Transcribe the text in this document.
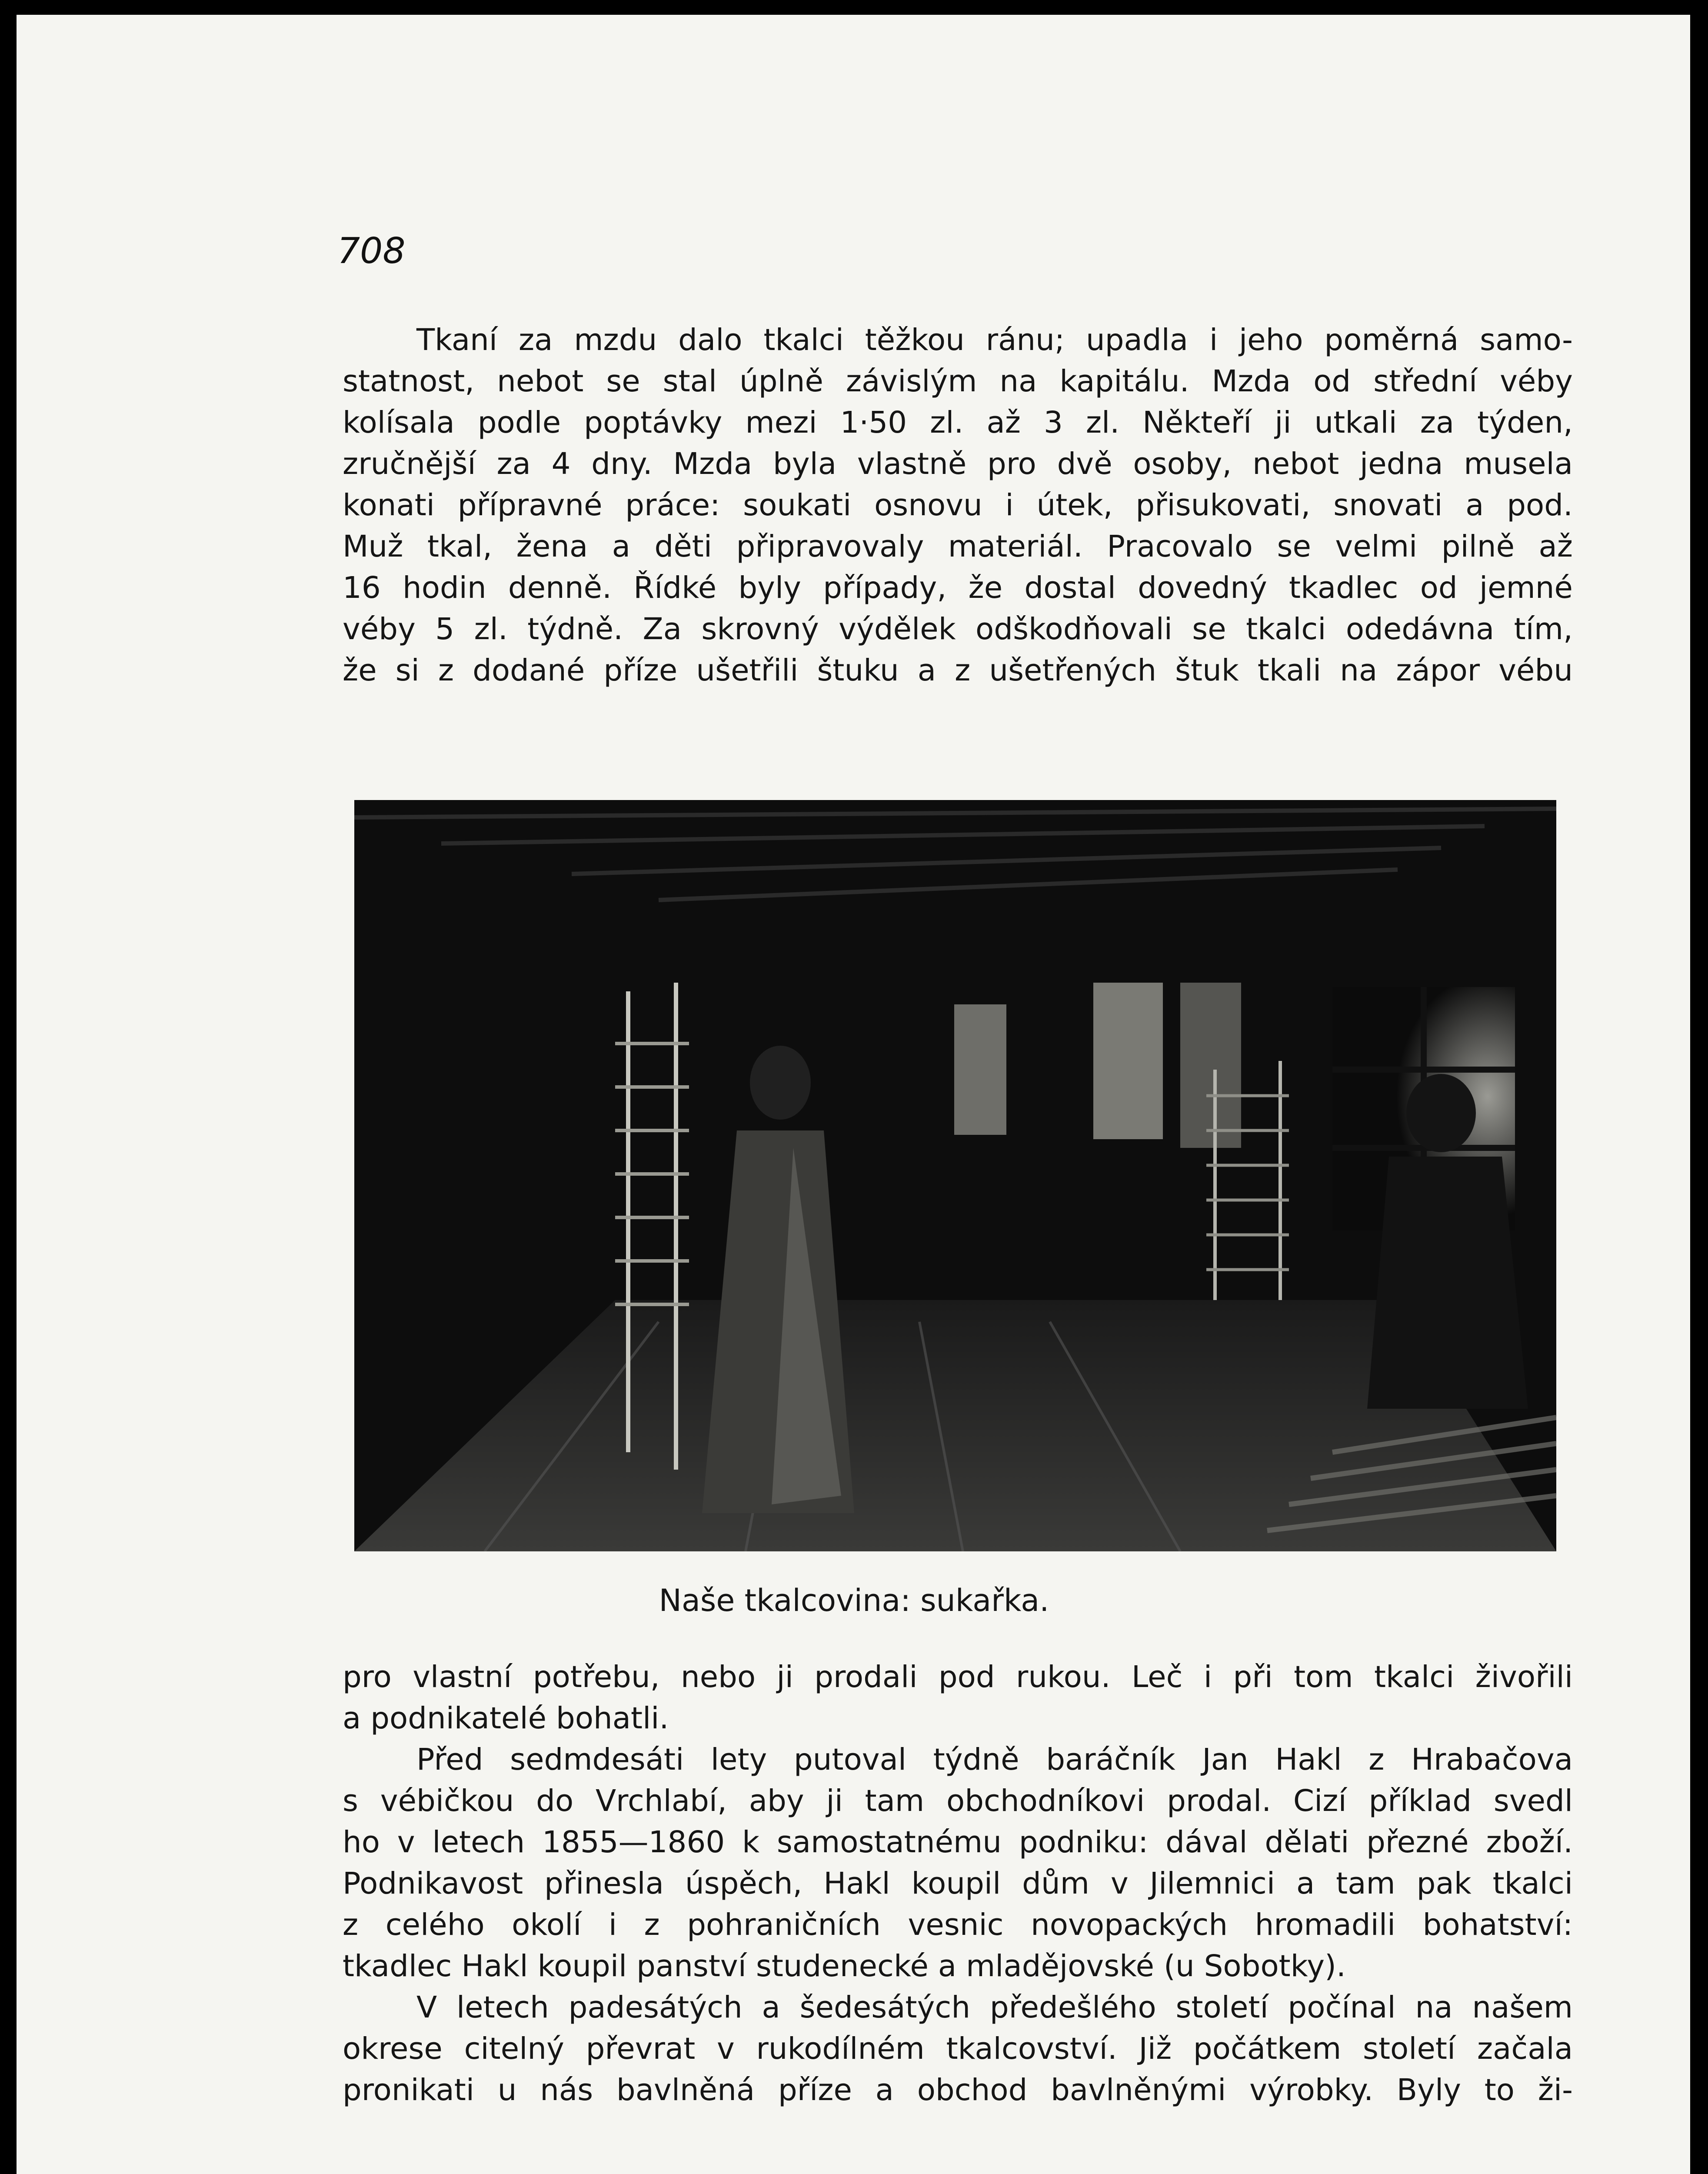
708
Tkaní za mzdu dalo tkalci těžkou ránu; upadla i jeho poměrná samo-
statnost, nebot se stal úplně závislým na kapitálu. Mzda od střední véby
kolísala podle poptávky mezi 1·50 zl. až 3 zl. Někteří ji utkali za týden,
zručnější za 4 dny. Mzda byla vlastně pro dvě osoby, nebot jedna musela
konati přípravné práce: soukati osnovu i útek, přisukovati, snovati a pod.
Muž tkal, žena a děti připravovaly materiál. Pracovalo se velmi pilně až
16 hodin denně. Řídké byly případy, že dostal dovedný tkadlec od jemné
véby 5 zl. týdně. Za skrovný výdělek odškodňovali se tkalci odedávna tím,
že si z dodané příze ušetřili štuku a z ušetřených štuk tkali na zápor vébu
Naše tkalcovina: sukařka.
pro vlastní potřebu, nebo ji prodali pod rukou. Leč i při tom tkalci živořili
a podnikatelé bohatli.
Před sedmdesáti lety putoval týdně baráčník Jan Hakl z Hrabačova
s vébičkou do Vrchlabí, aby ji tam obchodníkovi prodal. Cizí příklad svedl
ho v letech 1855—1860 k samostatnému podniku: dával dělati přezné zboží.
Podnikavost přinesla úspěch, Hakl koupil dům v Jilemnici a tam pak tkalci
z celého okolí i z pohraničních vesnic novopackých hromadili bohatství:
tkadlec Hakl koupil panství studenecké a mladějovské (u Sobotky).
V letech padesátých a šedesátých předešlého století počínal na našem
okrese citelný převrat v rukodílném tkalcovství. Již počátkem století začala
pronikati u nás bavlněná příze a obchod bavlněnými výrobky. Byly to ži-
